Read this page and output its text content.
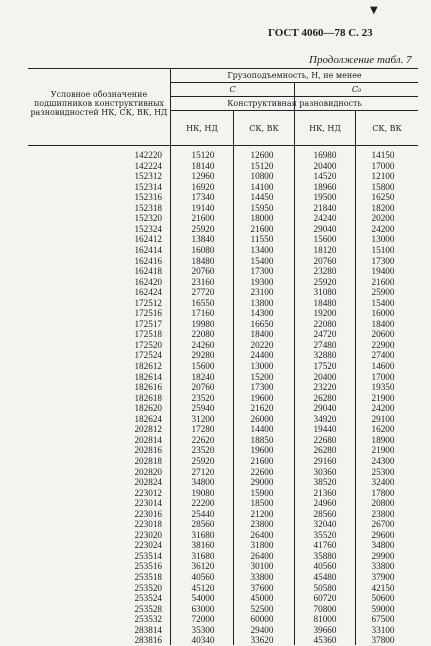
▼
ГОСТ 4060—78 С. 23
Продолжение табл. 7
Условное обозначение подшипников конструктивных разновидностей НК, СК, ВК, НД
Грузоподъемность, Н, не менее
C	C₀
Конструктивная разновидность
НК, НД	СК, ВК	НК, НД	СК, ВК
142220	15120	12600	16980	14150
142224	18140	15120	20400	17000
152312	12960	10800	14520	12100
152314	16920	14100	18960	15800
152316	17340	14450	19500	16250
152318	19140	15950	21840	18200
152320	21600	18000	24240	20200
152324	25920	21600	29040	24200
162412	13840	11550	15600	13000
162414	16080	13400	18120	15100
162416	18480	15400	20760	17300
162418	20760	17300	23280	19400
162420	23160	19300	25920	21600
162424	27720	23100	31080	25900
172512	16550	13800	18480	15400
172516	17160	14300	19200	16000
172517	19980	16650	22080	18400
172518	22080	18400	24720	20600
172520	24260	20220	27480	22900
172524	29280	24400	32880	27400
182612	15600	13000	17520	14600
182614	18240	15200	20400	17000
182616	20760	17300	23220	19350
182618	23520	19600	26280	21900
182620	25940	21620	29040	24200
182624	31200	26000	34920	29100
202812	17280	14400	19440	16200
202814	22620	18850	22680	18900
202816	23520	19600	26280	21900
202818	25920	21600	29160	24300
202820	27120	22600	30360	25300
202824	34800	29000	38520	32400
223012	19080	15900	21360	17800
223014	22200	18500	24960	20800
223016	25440	21200	28560	23800
223018	28560	23800	32040	26700
223020	31680	26400	35520	29600
223024	38160	31800	41760	34800
253514	31680	26400	35880	29900
253516	36120	30100	40560	33800
253518	40560	33800	45480	37900
253520	45120	37600	50580	42150
253524	54000	45000	60720	50600
253528	63000	52500	70800	59000
253532	72000	60000	81000	67500
283814	35300	29400	39660	33100
283816	40340	33620	45360	37800
